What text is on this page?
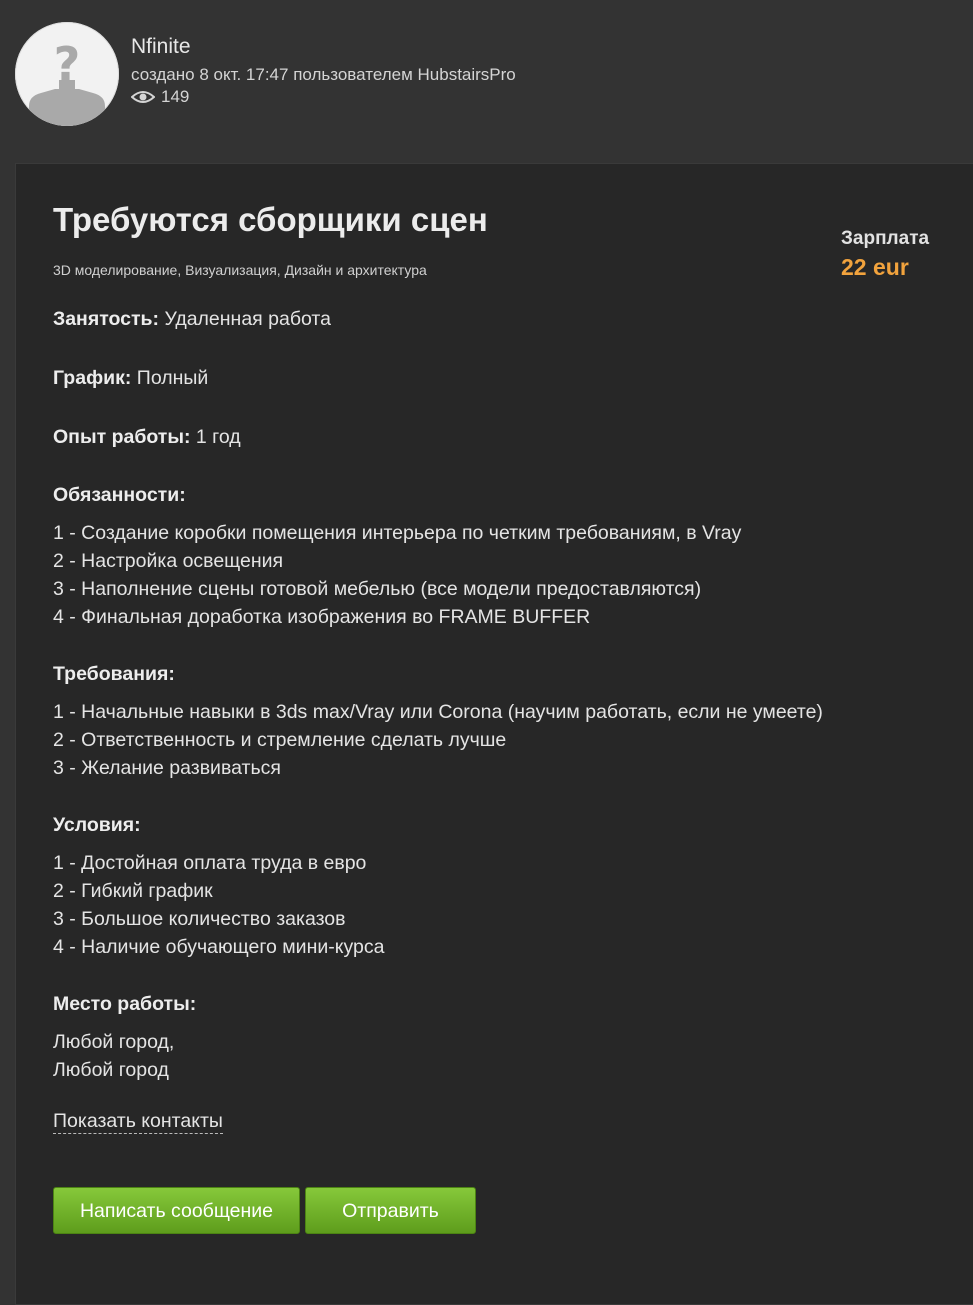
? Nfinite
создано 8 окт. 17:47 пользователем HubstairsPro
149
Требуются сборщики сцен
3D моделирование, Визуализация, Дизайн и архитектура
Зарплата
22 eur

Занятость: Удаленная работа

График: Полный

Опыт работы: 1 год

Обязанности:
1 - Создание коробки помещения интерьера по четким требованиям, в Vray
2 - Настройка освещения
3 - Наполнение сцены готовой мебелью (все модели предоставляются)
4 - Финальная доработка изображения во FRAME BUFFER
Требования:
1 - Начальные навыки в 3ds max/Vray или Corona (научим работать, если не умеете)
2 - Ответственность и стремление сделать лучше
3 - Желание развиваться
Условия:
1 - Достойная оплата труда в евро
2 - Гибкий график
3 - Большое количество заказов
4 - Наличие обучающего мини-курса
Место работы:
Любой город,
Любой город
Показать контакты
Написать сообщение	Отправить
